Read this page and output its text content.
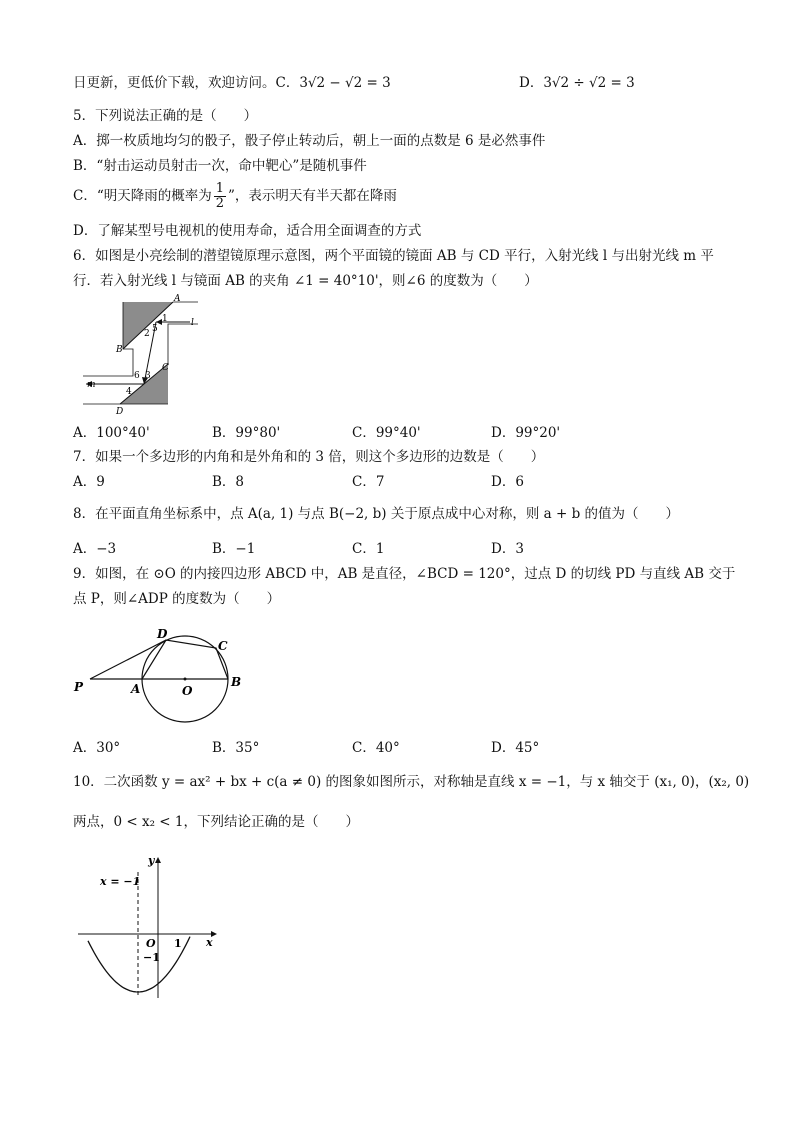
日更新，更低价下载，欢迎访问。C．3√2 − √2 = 3	D．3√2 ÷ √2 = 3
5．下列说法正确的是（　　）
A．掷一枚质地均匀的骰子，骰子停止转动后，朝上一面的点数是 6 是必然事件
B．“射击运动员射击一次，命中靶心”是随机事件
C．“明天降雨的概率为 $\frac{1}{2}$ ”，表示明天有半天都在降雨
D．了解某型号电视机的使用寿命，适合用全面调查的方式
6．如图是小亮绘制的潜望镜原理示意图，两个平面镜的镜面 AB 与 CD 平行，入射光线 l 与出射光线 m 平
行．若入射光线 l 与镜面 AB 的夹角 ∠1 = 40°10'，则∠6 的度数为（　　）
A
B
C
D
l
m
1
2 5
6 3
4
A．100°40'	B．99°80'	C．99°40'	D．99°20'
7．如果一个多边形的内角和是外角和的 3 倍，则这个多边形的边数是（　　）
A．9	B．8	C．7	D．6
8．在平面直角坐标系中，点 A(a, 1) 与点 B(−2, b) 关于原点成中心对称，则 a + b 的值为（　　）
A．−3	B．−1	C．1	D．3
9．如图，在 ⊙O 的内接四边形 ABCD 中，AB 是直径，∠BCD = 120°，过点 D 的切线 PD 与直线 AB 交于
点 P，则∠ADP 的度数为（　　）
P	A	O
B
C
D
A．30°	B．35°	C．40°	D．45°
10．二次函数 y = ax² + bx + c(a ≠ 0) 的图象如图所示，对称轴是直线 x = −1，与 x 轴交于 (x₁, 0)，(x₂, 0)
两点，0 < x₂ < 1，下列结论正确的是（　　）
x = −1
y
x
O 1
−1
